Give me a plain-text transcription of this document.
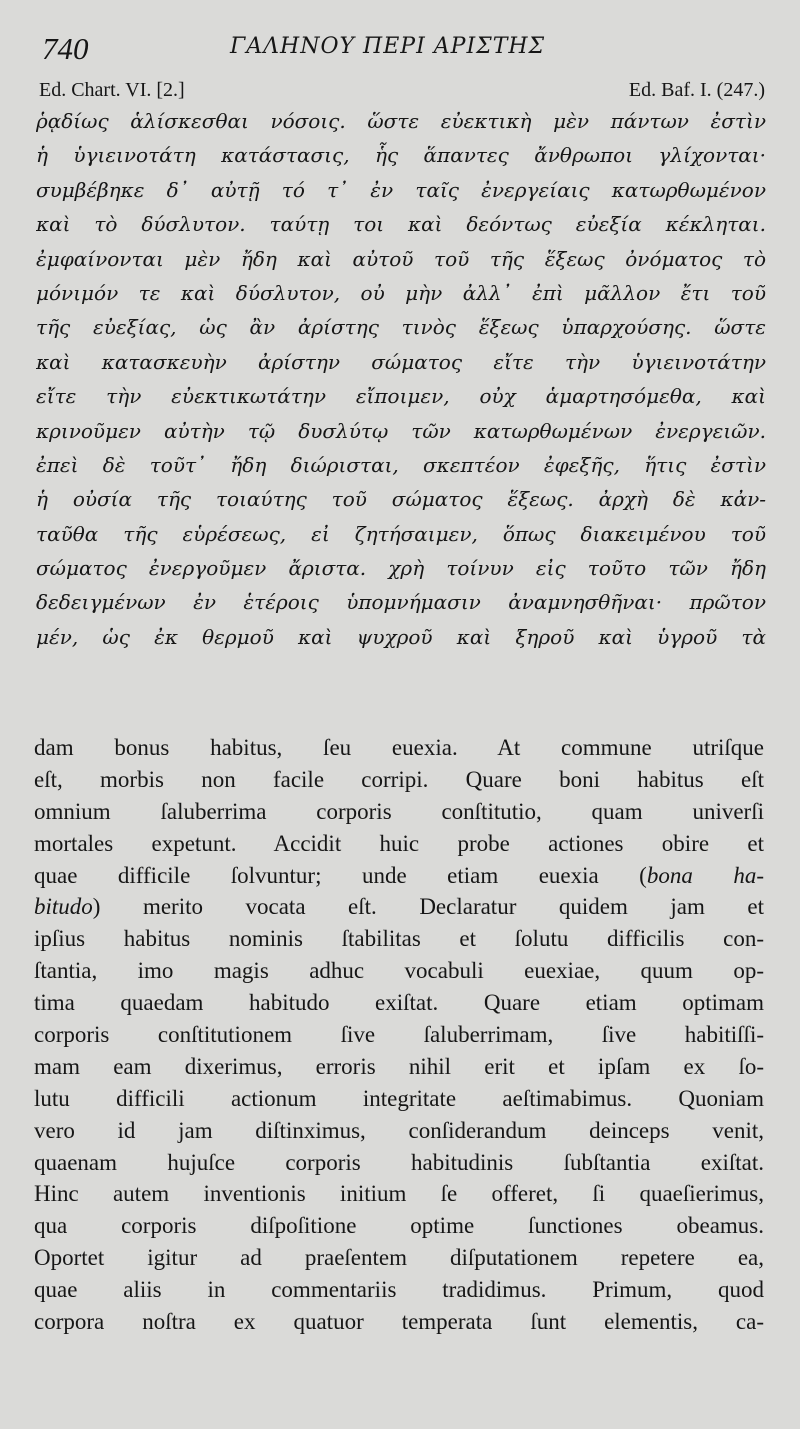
740	ΓΑΛΗΝΟΥ ΠΕΡΙ ΑΡΙΣΤΗΣ
Ed. Chart. VI. [2.]	Ed. Baf. I. (247.)
ῥᾳδίως ἁλίσκεσθαι νόσοις. ὥστε εὐεκτικὴ μὲν πάντων ἐστὶν
ἡ ὑγιεινοτάτη κατάστασις, ἧς ἅπαντες ἄνθρωποι γλίχονται·
συμβέβηκε δ᾽ αὐτῇ τό τ᾽ ἐν ταῖς ἐνεργείαις κατωρθωμένον
καὶ τὸ δύσλυτον. ταύτῃ τοι καὶ δεόντως εὐεξία κέκληται.
ἐμφαίνονται μὲν ἤδη καὶ αὐτοῦ τοῦ τῆς ἕξεως ὀνόματος τὸ
μόνιμόν τε καὶ δύσλυτον, οὐ μὴν ἀλλ᾽ ἐπὶ μᾶλλον ἔτι τοῦ
τῆς εὐεξίας, ὡς ἂν ἀρίστης τινὸς ἕξεως ὑπαρχούσης. ὥστε
καὶ κατασκευὴν ἀρίστην σώματος εἴτε τὴν ὑγιεινοτάτην
εἴτε τὴν εὐεκτικωτάτην εἴποιμεν, οὐχ ἁμαρτησόμεθα, καὶ
κρινοῦμεν αὐτὴν τῷ δυσλύτῳ τῶν κατωρθωμένων ἐνεργειῶν.
ἐπεὶ δὲ τοῦτ᾽ ἤδη διώρισται, σκεπτέον ἐφεξῆς, ἥτις ἐστὶν
ἡ οὐσία τῆς τοιαύτης τοῦ σώματος ἕξεως. ἀρχὴ δὲ κἀν-
ταῦθα τῆς εὑρέσεως, εἰ ζητήσαιμεν, ὅπως διακειμένου τοῦ
σώματος ἐνεργοῦμεν ἄριστα. χρὴ τοίνυν εἰς τοῦτο τῶν ἤδη
δεδειγμένων ἐν ἑτέροις ὑπομνήμασιν ἀναμνησθῆναι· πρῶτον
μέν, ὡς ἐκ θερμοῦ καὶ ψυχροῦ καὶ ξηροῦ καὶ ὑγροῦ τὰ
dam bonus habitus, ſeu euexia. At commune utriſque
eſt, morbis non facile corripi. Quare boni habitus eſt
omnium ſaluberrima corporis conſtitutio, quam univerſi
mortales expetunt. Accidit huic probe actiones obire et
quae difficile ſolvuntur; unde etiam euexia (bona ha-
bitudo) merito vocata eſt. Declaratur quidem jam et
ipſius habitus nominis ſtabilitas et ſolutu difficilis con-
ſtantia, imo magis adhuc vocabuli euexiae, quum op-
tima quaedam habitudo exiſtat. Quare etiam optimam
corporis conſtitutionem ſive ſaluberrimam, ſive habitiſſi-
mam eam dixerimus, erroris nihil erit et ipſam ex ſo-
lutu difficili actionum integritate aeſtimabimus. Quoniam
vero id jam diſtinximus, conſiderandum deinceps venit,
quaenam hujuſce corporis habitudinis ſubſtantia exiſtat.
Hinc autem inventionis initium ſe offeret, ſi quaeſierimus,
qua corporis diſpoſitione optime ſunctiones obeamus.
Oportet igitur ad praeſentem diſputationem repetere ea,
quae aliis in commentariis tradidimus. Primum, quod
corpora noſtra ex quatuor temperata ſunt elementis, ca-
